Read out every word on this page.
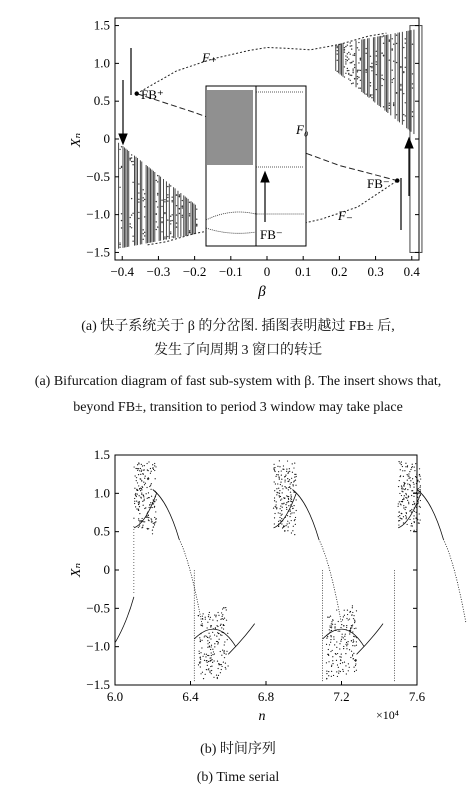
−0.4 −0.3 −0.2 −0.1 0 0.1 0.2 0.3 0.4
−1.5
−1.0
−0.5
0
0.5
1.0
1.5
F₊
F₀
F₋
FB⁺
FB⁻
FB⁻
β
Xₙ
6.0	6.4	6.8	7.2	7.6
−1.5
−1.0
−0.5
0
0.5
1.0
1.5
n
Xₙ
×10⁴
(a) 快子系统关于 β 的分岔图. 插图表明越过 FB± 后,
发生了向周期 3 窗口的转迁
(a) Bifurcation diagram of fast sub-system with β. The insert shows that,
beyond FB±, transition to period 3 window may take place
(b) 时间序列
(b) Time serial
